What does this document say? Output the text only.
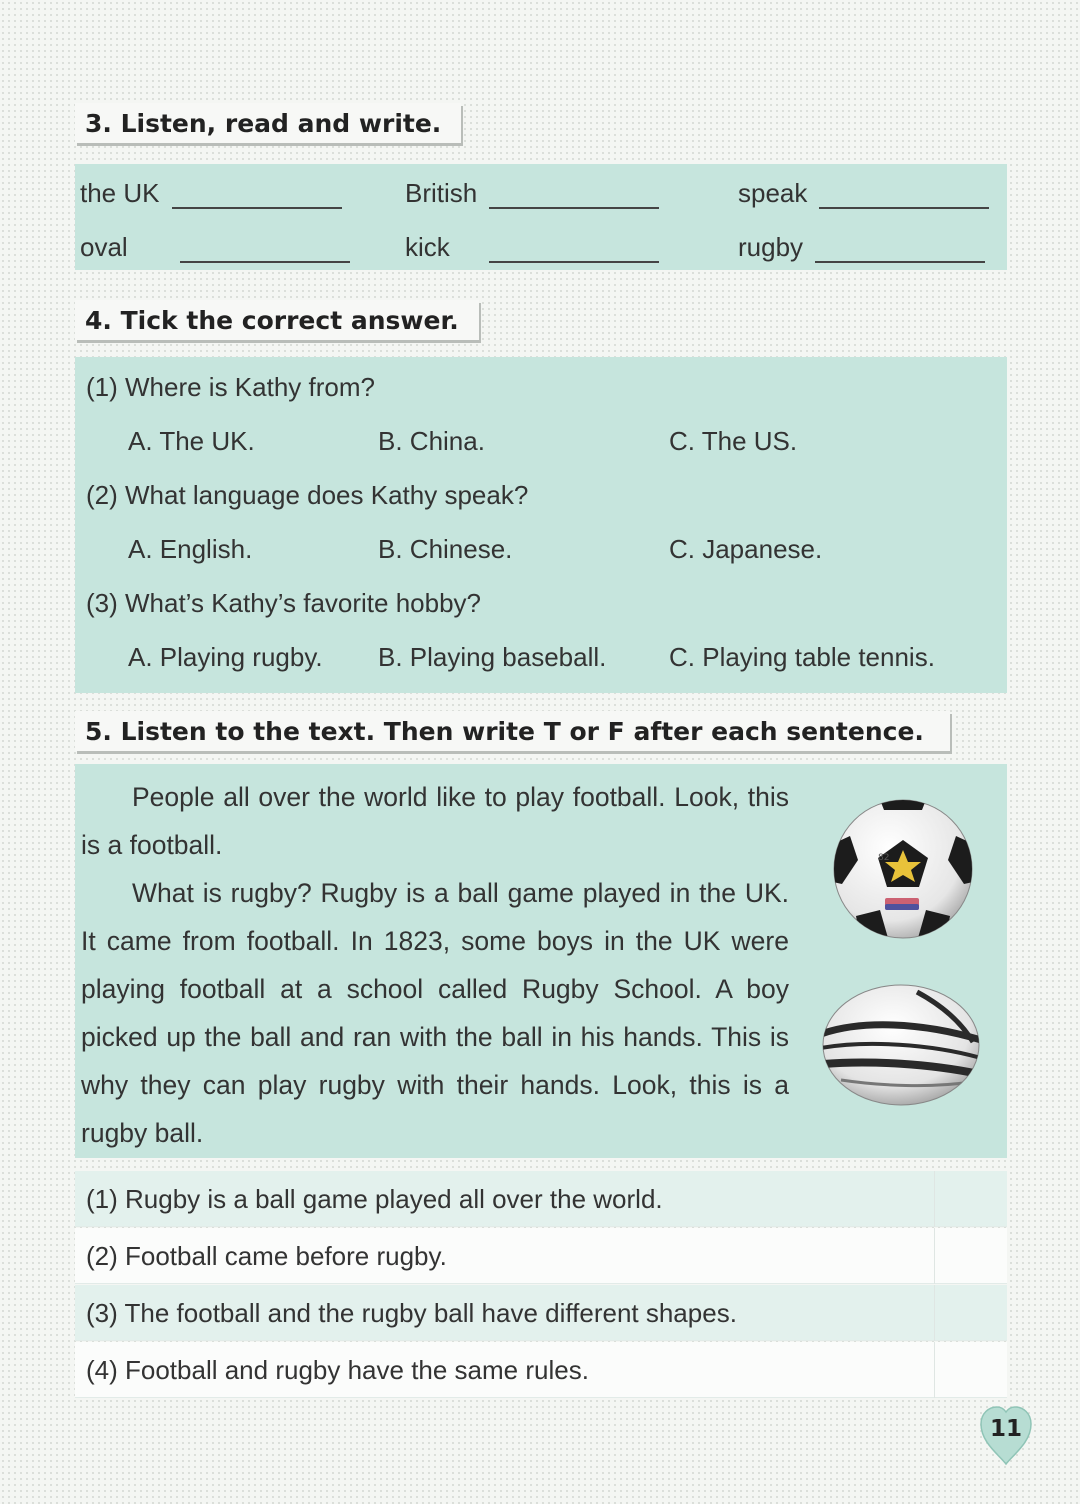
3. Listen, read and write.
the UK	British	speak
oval	kick	rugby
4. Tick the correct answer.
(1) Where is Kathy from?
A. The UK.	B. China.	C. The US.
(2) What language does Kathy speak?
A. English.	B. Chinese.	C. Japanese.
(3) What’s Kathy’s favorite hobby?
A. Playing rugby. B. Playing baseball. C. Playing table tennis.
5. Listen to the text. Then write T or F after each sentence.

People all over the world like to play football. Look, this is a football.

What is rugby? Rugby is a ball game played in the UK. It came from football. In 1823, some boys in the UK were playing football at a school called Rugby School. A boy picked up the ball and ran with the ball in his hands. This is why they can play rugby with their hands. Look, this is a rugby ball.

82
(1) Rugby is a ball game played all over the world.
(2) Football came before rugby.
(3) The football and the rugby ball have different shapes.
(4) Football and rugby have the same rules.
11
